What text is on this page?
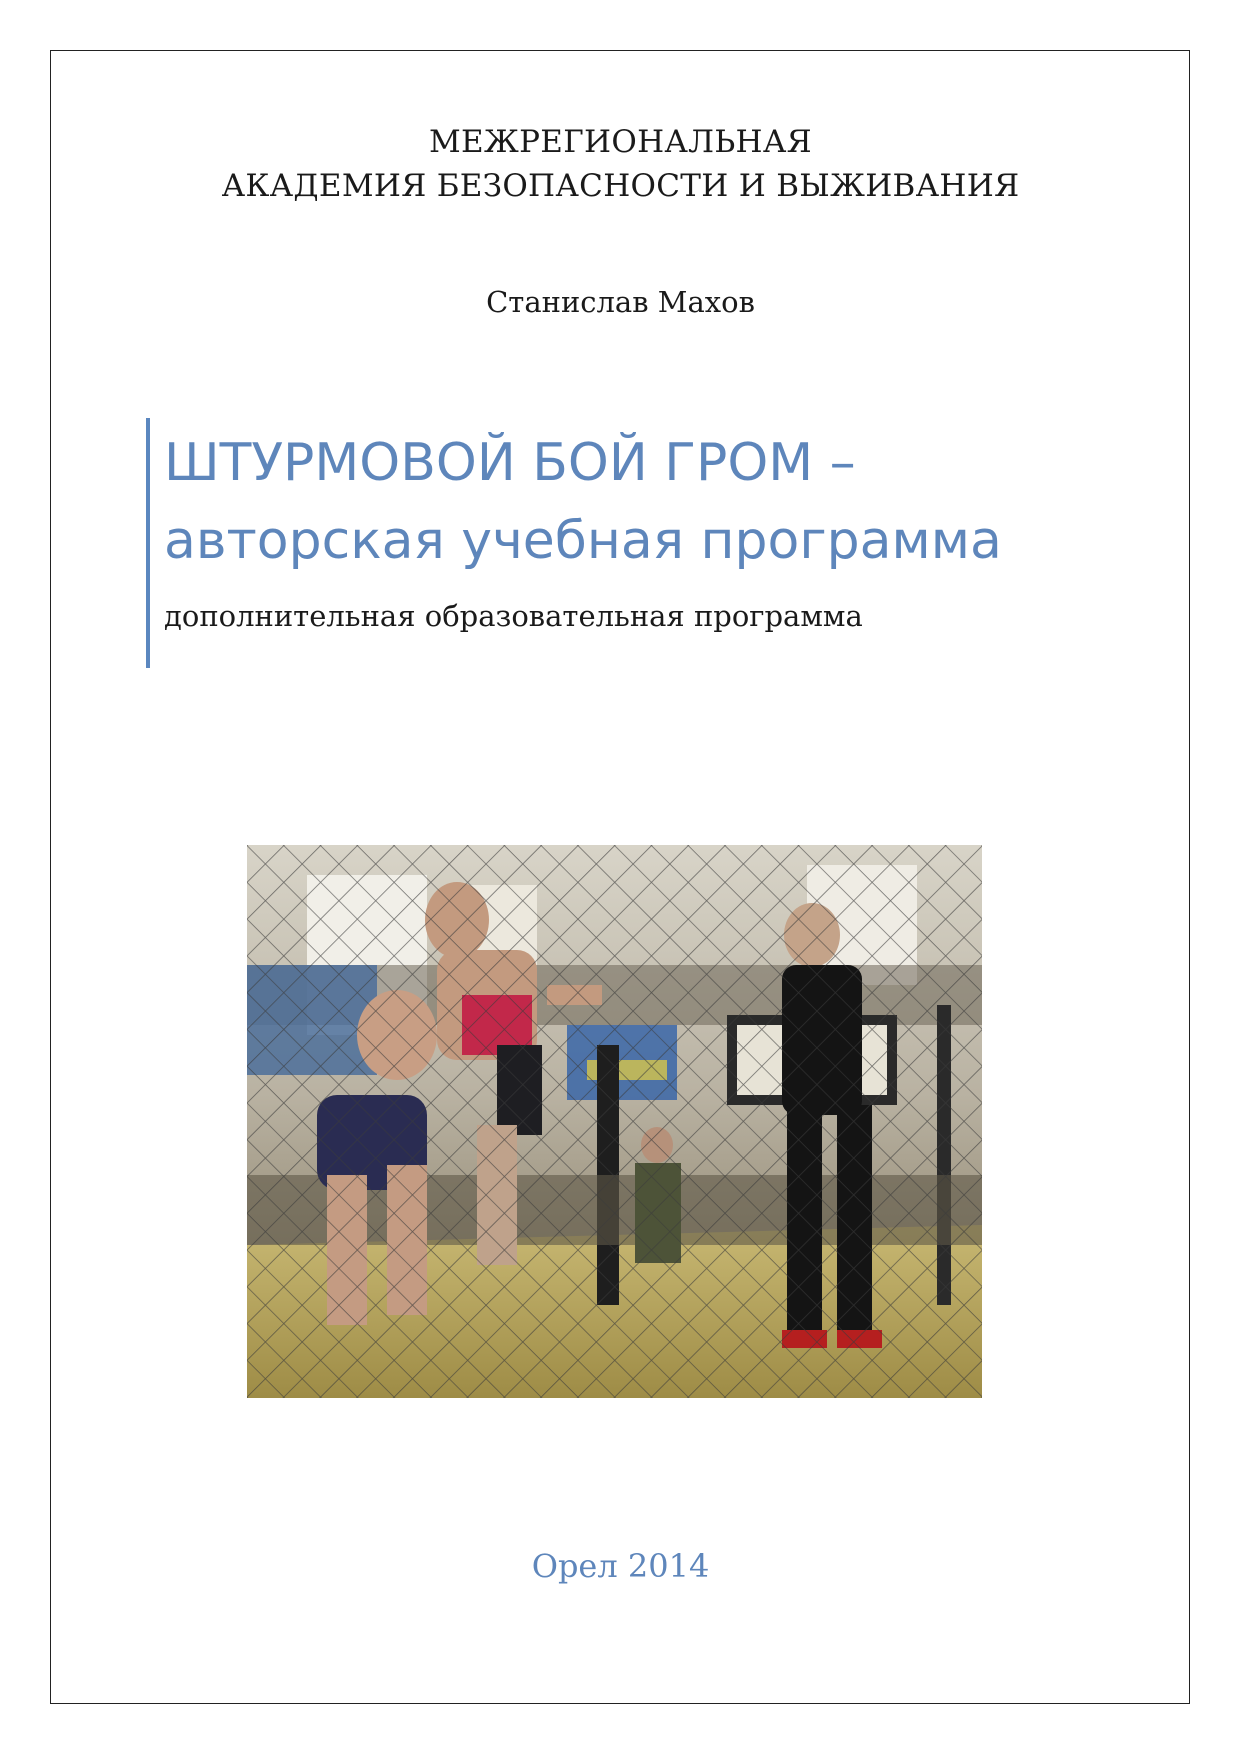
МЕЖРЕГИОНАЛЬНАЯ
АКАДЕМИЯ БЕЗОПАСНОСТИ И ВЫЖИВАНИЯ
Станислав Махов
ШТУРМОВОЙ БОЙ ГРОМ –
авторская учебная программа
дополнительная образовательная программа
Орел 2014
